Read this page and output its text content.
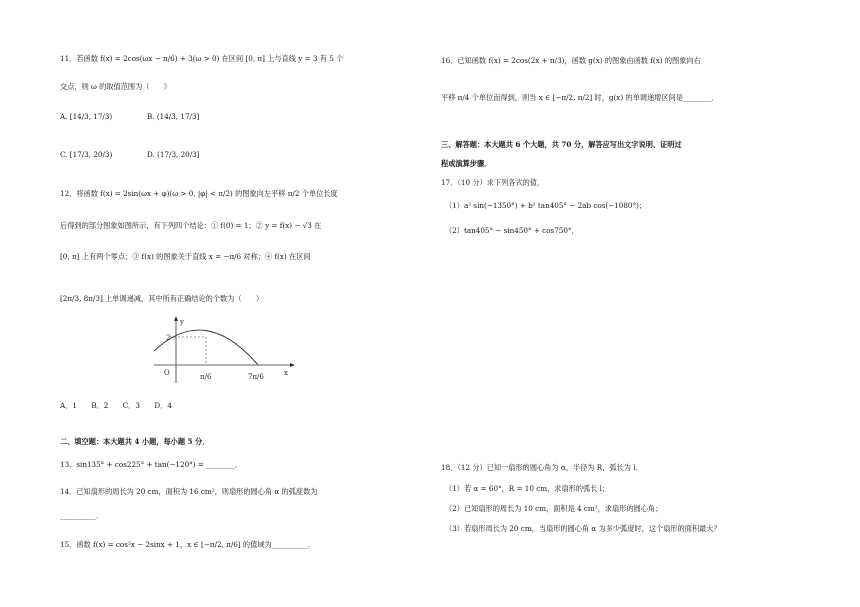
11．若函数 f(x) = 2cos(ωx − π/6) + 3(ω > 0) 在区间 [0, π] 上与直线 y = 3 有 5 个
交点，则 ω 的取值范围为（　　）
A. [14/3, 17/3)	B. (14/3, 17/3]
C. [17/3, 20/3)	D. (17/3, 20/3]
12．将函数 f(x) = 2sin(ωx + φ)(ω > 0, |φ| < π/2) 的图象向左平移 π/2 个单位长度
后得到的部分图象如图所示，有下列四个结论：① f(0) = 1；② y = f(x) − √3 在
[0, π] 上有两个零点；③ f(x) 的图象关于直线 x = −π/6 对称；④ f(x) 在区间
[2π/3, 8π/3] 上单调递减，其中所有正确结论的个数为（　　）
y
x
O
2
π/6	7π/6
A．1　　B．2　　C．3　　D．4
二、填空题：本大题共 4 小题，每小题 5 分．
13．sin135° + cos225° + tan(−120°) = ________．
14．已知扇形的周长为 20 cm，面积为 16 cm²，则扇形的圆心角 α 的弧度数为
__________．
15．函数 f(x) = cos²x − 2sinx + 1，x ∈ [−π/2, π/6] 的值域为__________．
16．已知函数 f(x) = 2cos(2x + π/3)，函数 g(x) 的图象由函数 f(x) 的图象向右
平移 π/4 个单位而得到，则当 x ∈ [−π/2, π/2] 时，g(x) 的单调递增区间是________．
三、解答题：本大题共 6 个大题，共 70 分，解答应写出文字说明、证明过
程或演算步骤．
17．（10 分）求下列各式的值．
（1）a² sin(−1350°) + b² tan405° − 2ab cos(−1080°)；
（2）tan405° − sin450° + cos750°．
18．（12 分）已知一扇形的圆心角为 α，半径为 R，弧长为 l．
（1）若 α = 60°，R = 10 cm，求扇形的弧长 l；
（2）已知扇形的周长为 10 cm，面积是 4 cm²，求扇形的圆心角；
（3）若扇形周长为 20 cm，当扇形的圆心角 α 为多少弧度时，这个扇形的面积最大？
